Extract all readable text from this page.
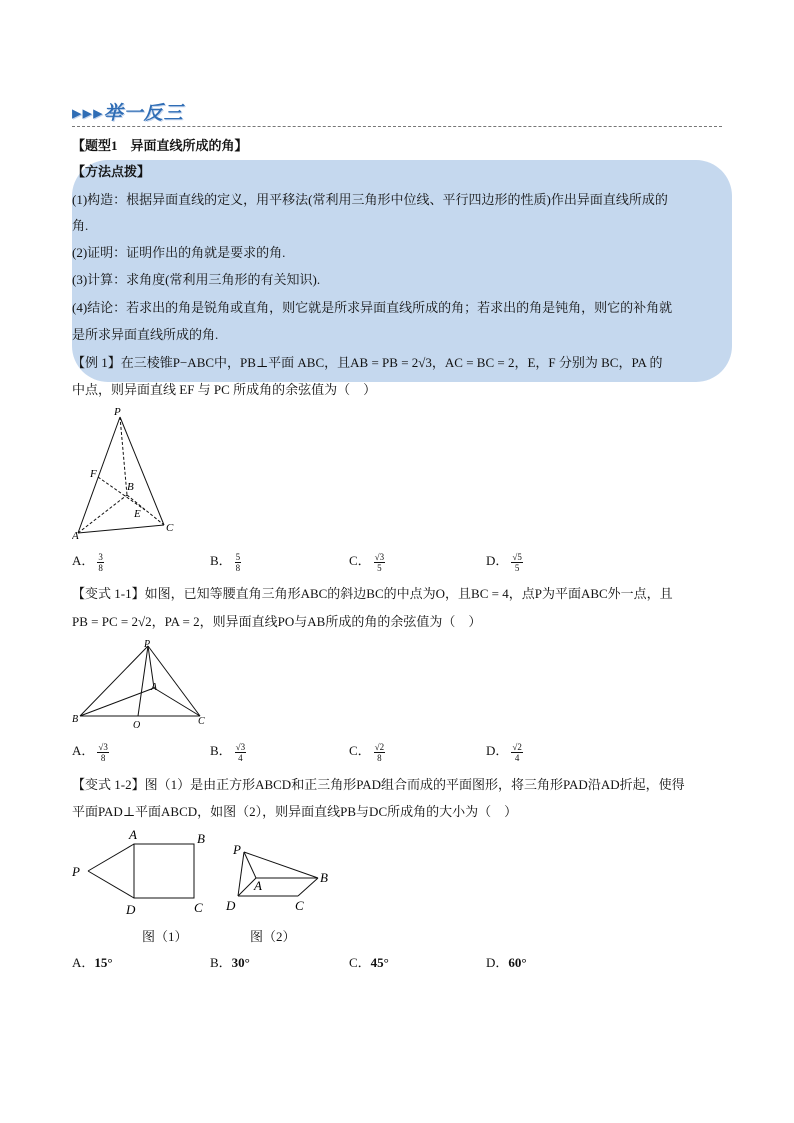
▸▸▸举一反三
【题型1　异面直线所成的角】
【方法点拨】
(1)构造：根据异面直线的定义，用平移法(常利用三角形中位线、平行四边形的性质)作出异面直线所成的
角.
(2)证明：证明作出的角就是要求的角.
(3)计算：求角度(常利用三角形的有关知识).
(4)结论：若求出的角是锐角或直角，则它就是所求异面直线所成的角；若求出的角是钝角，则它的补角就
是所求异面直线所成的角.
【例 1】在三棱锥P−ABC中，PB⊥平面 ABC，且AB = PB = 2√3，AC = BC = 2，E，F 分别为 BC，PA 的
中点，则异面直线 EF 与 PC 所成角的余弦值为（　）
P
F
B
E
A
C
A． $\frac{3}{8}$	B． $\frac{5}{8}$	C． $\frac{√3}{5}$	D． $\frac{√5}{5}$
【变式 1-1】如图，已知等腰直角三角形ABC的斜边BC的中点为O，且BC = 4，点P为平面ABC外一点，且
PB = PC = 2√2，PA = 2，则异面直线PO与AB所成的角的余弦值为（　）
P
A
B
O	C
A． $\frac{√3}{8}$	B． $\frac{√3}{4}$	C． $\frac{√2}{8}$	D． $\frac{√2}{4}$
【变式 1-2】图（1）是由正方形ABCD和正三角形PAD组合而成的平面图形，将三角形PAD沿AD折起，使得
平面PAD⊥平面ABCD，如图（2），则异面直线PB与DC所成角的大小为（　）
A	B
P
D	C
P
A
B
D	C
图（1）	图（2）
A．15°	B．30°	C．45°	D．60°
